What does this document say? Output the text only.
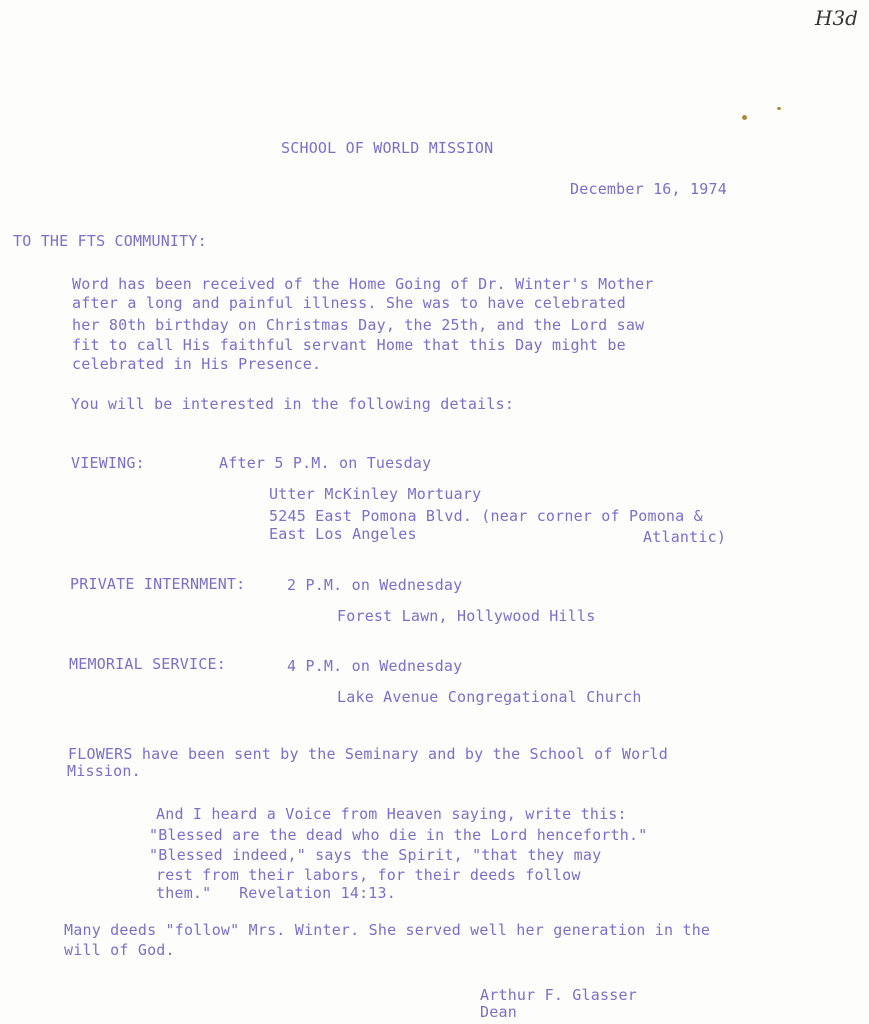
H3d
SCHOOL OF WORLD MISSION
December 16, 1974
TO THE FTS COMMUNITY:
Word has been received of the Home Going of Dr. Winter's Mother
after a long and painful illness. She was to have celebrated
her 80th birthday on Christmas Day, the 25th, and the Lord saw
fit to call His faithful servant Home that this Day might be
celebrated in His Presence.
You will be interested in the following details:
VIEWING:	After 5 P.M. on Tuesday
Utter McKinley Mortuary
5245 East Pomona Blvd. (near corner of Pomona &
East Los Angeles	Atlantic)
PRIVATE INTERNMENT:	2 P.M. on Wednesday
Forest Lawn, Hollywood Hills
MEMORIAL SERVICE:	4 P.M. on Wednesday
Lake Avenue Congregational Church
FLOWERS have been sent by the Seminary and by the School of World
Mission.
And I heard a Voice from Heaven saying, write this:
"Blessed are the dead who die in the Lord henceforth."
"Blessed indeed," says the Spirit, "that they may
rest from their labors, for their deeds follow
them."   Revelation 14:13.
Many deeds "follow" Mrs. Winter. She served well her generation in the
will of God.
Arthur F. Glasser
Dean
